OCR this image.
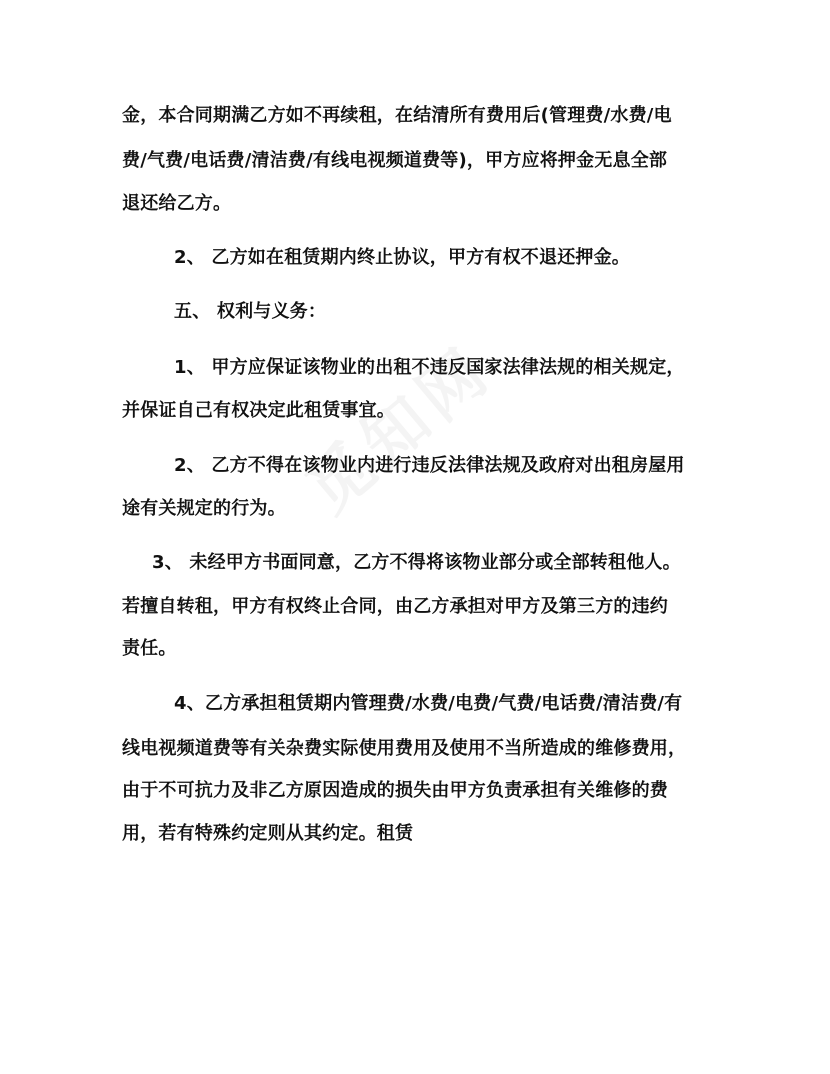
金，本合同期满乙方如不再续租，在结清所有费用后(管理费/水费/电
费/气费/电话费/清洁费/有线电视频道费等)，甲方应将押金无息全部
退还给乙方。
2、 乙方如在租赁期内终止协议，甲方有权不退还押金。
五、 权利与义务：
1、 甲方应保证该物业的出租不违反国家法律法规的相关规定，
并保证自己有权决定此租赁事宜。
2、 乙方不得在该物业内进行违反法律法规及政府对出租房屋用
途有关规定的行为。
3、 未经甲方书面同意，乙方不得将该物业部分或全部转租他人。
若擅自转租，甲方有权终止合同，由乙方承担对甲方及第三方的违约
责任。
4、乙方承担租赁期内管理费/水费/电费/气费/电话费/清洁费/有
线电视频道费等有关杂费实际使用费用及使用不当所造成的维修费用，
由于不可抗力及非乙方原因造成的损失由甲方负责承担有关维修的费
用，若有特殊约定则从其约定。租赁
